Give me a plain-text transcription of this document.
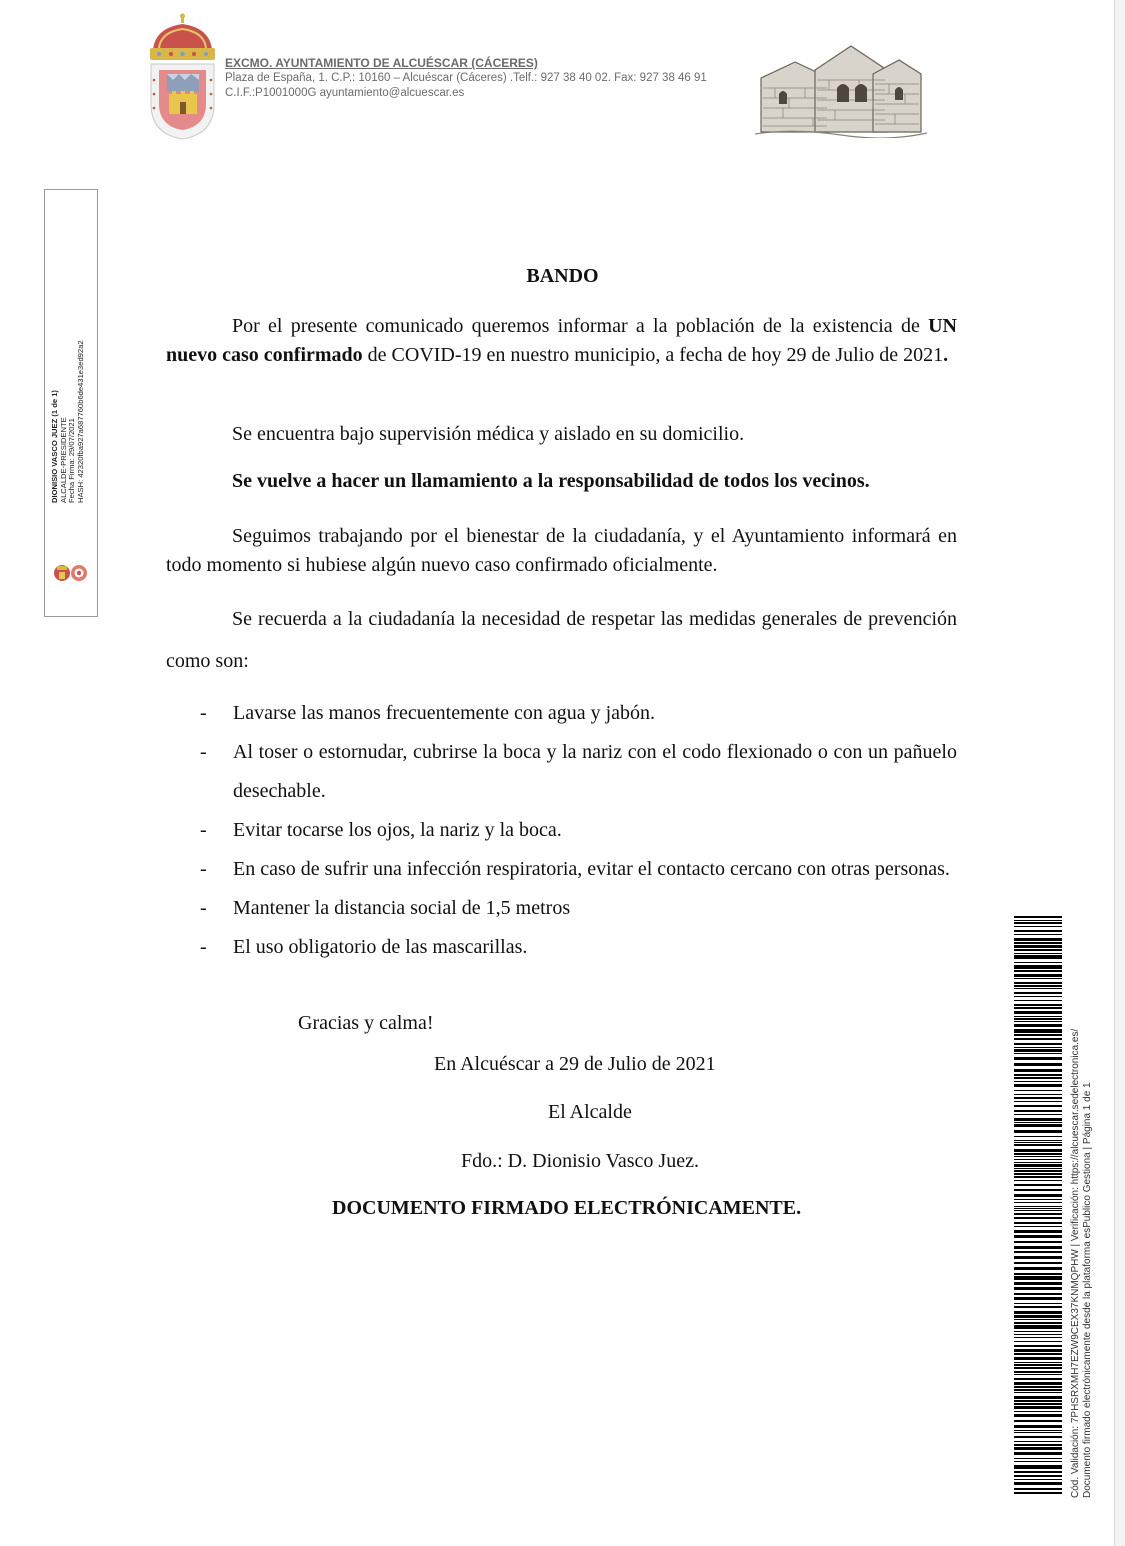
EXCMO. AYUNTAMIENTO DE ALCUÉSCAR (CÁCERES)
Plaza de España, 1. C.P.: 10160 – Alcuéscar (Cáceres) .Telf.: 927 38 40 02. Fax: 927 38 46 91
C.I.F.:P1001000G ayuntamiento@alcuescar.es
DIONISIO VASCO JUEZ (1 de 1) ALCALDE-PRESIDENTE Fecha Firma: 29/07/2021 HASH: 42320fba927a687760b6de431e3ed92a2
BANDO

Por el presente comunicado queremos informar a la población de la existencia de UN nuevo caso confirmado de COVID-19 en nuestro municipio, a fecha de hoy 29 de Julio de 2021.

Se encuentra bajo supervisión médica y aislado en su domicilio.
Se vuelve a hacer un llamamiento a la responsabilidad de todos los vecinos.

Seguimos trabajando por el bienestar de la ciudadanía, y el Ayuntamiento informará en todo momento si hubiese algún nuevo caso confirmado oficialmente.

Se recuerda a la ciudadanía la necesidad de respetar las medidas generales de prevención como son:

- Lavarse las manos frecuentemente con agua y jabón.
- Al toser o estornudar, cubrirse la boca y la nariz con el codo flexionado o con un pañuelo desechable.
- Evitar tocarse los ojos, la nariz y la boca.
- En caso de sufrir una infección respiratoria, evitar el contacto cercano con otras personas.
- Mantener la distancia social de 1,5 metros
- El uso obligatorio de las mascarillas.
Gracias y calma!
En Alcuéscar a 29 de Julio de 2021
El Alcalde
Fdo.: D. Dionisio Vasco Juez.
DOCUMENTO FIRMADO ELECTRÓNICAMENTE.	Cód. Validación: 7PHSRXMH7EZW9CEX37KNMQPHW | Verificación: https://alcuescar.sedelectronica.es/ Documento firmado electrónicamente desde la plataforma esPublico Gestiona | Página 1 de 1
